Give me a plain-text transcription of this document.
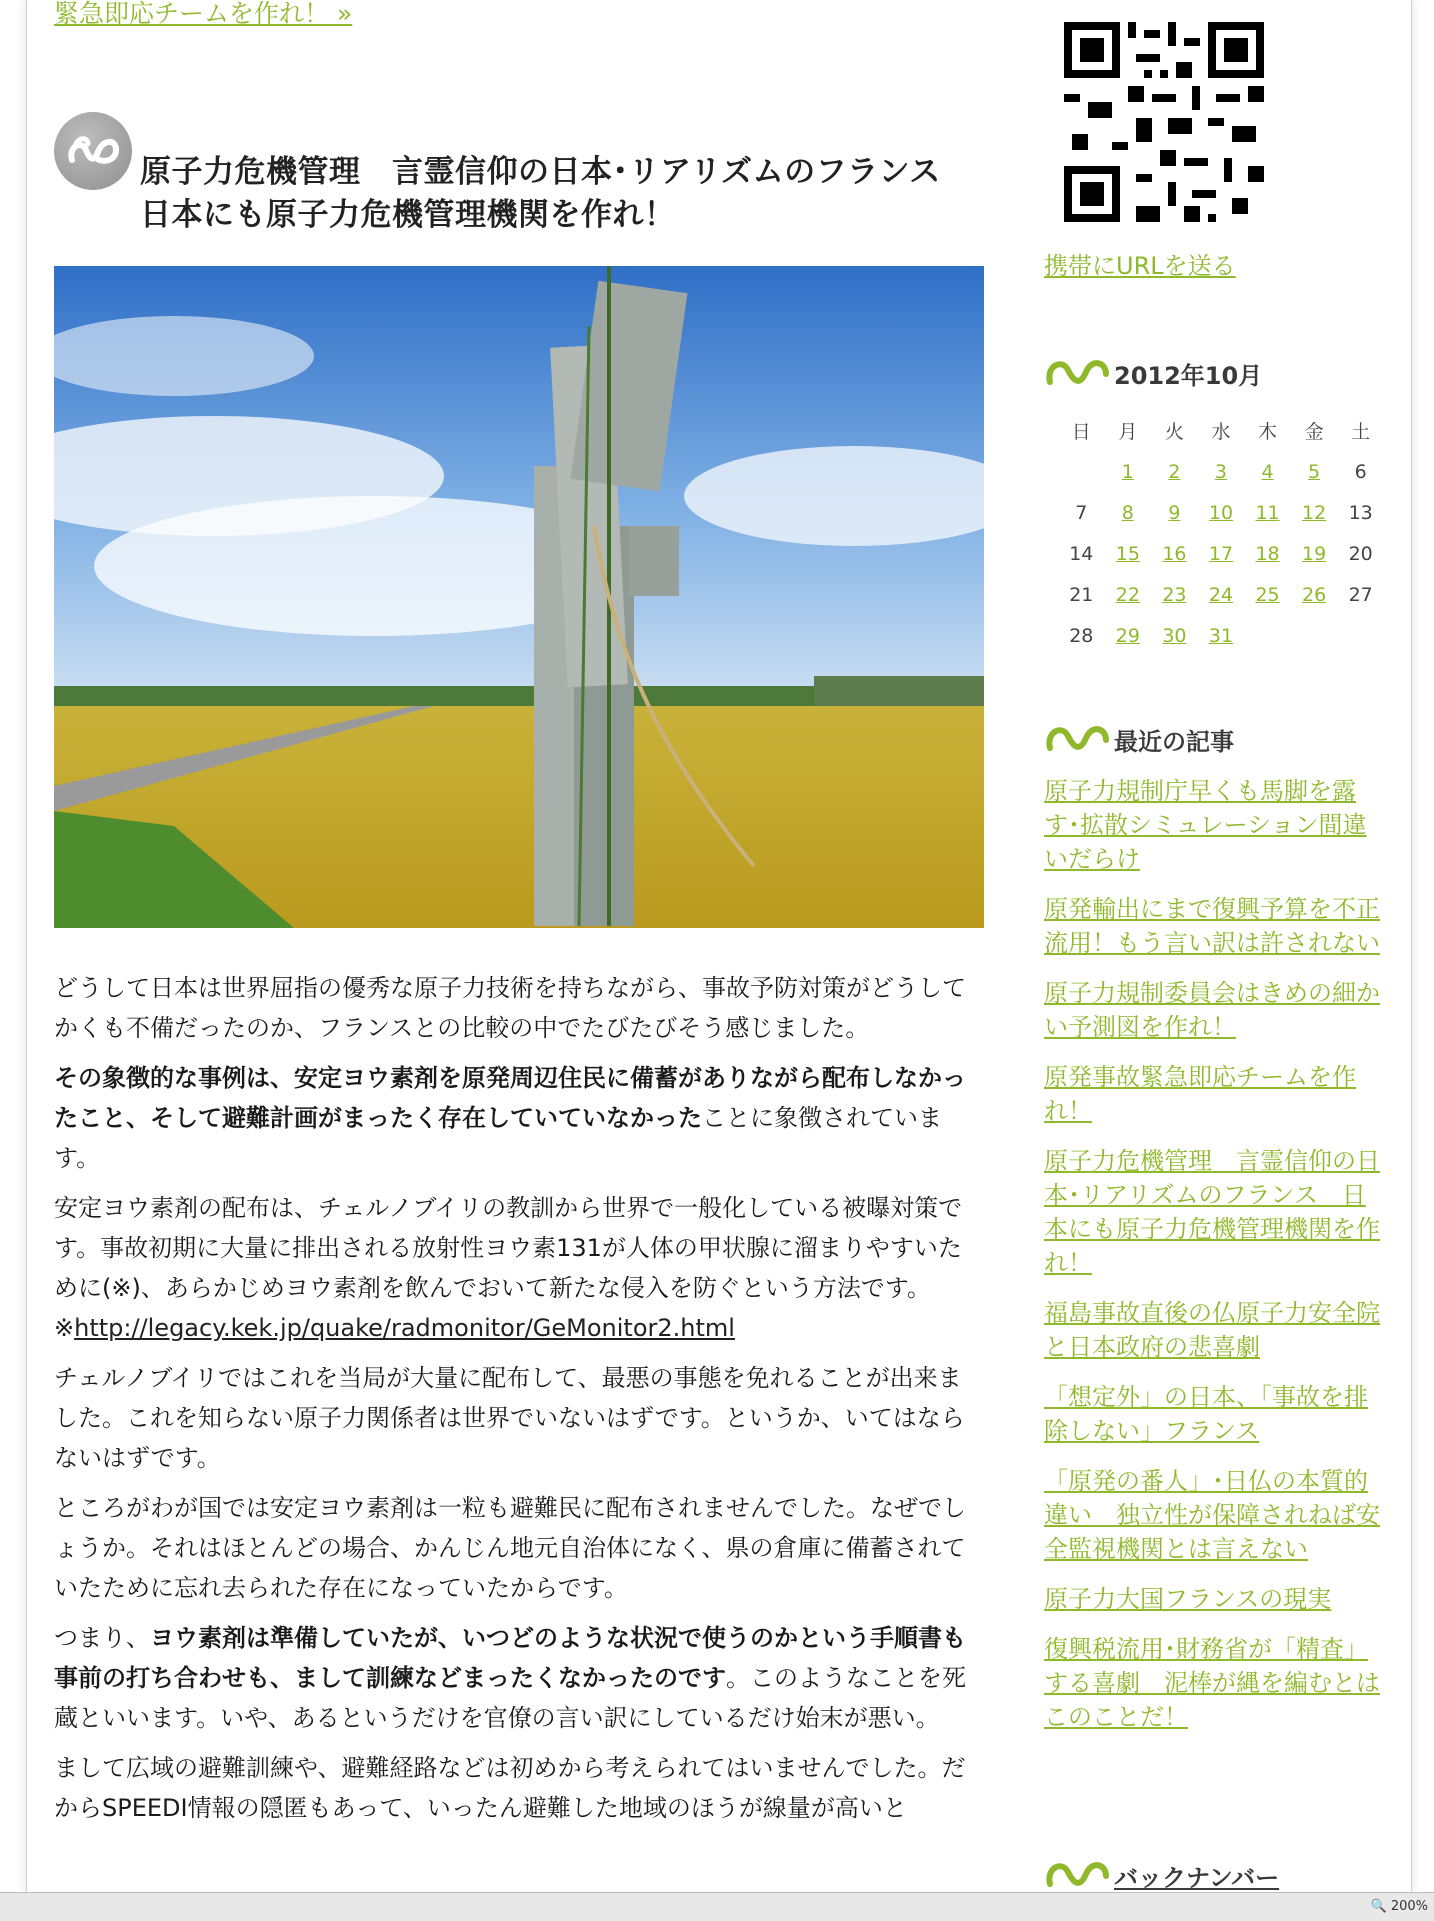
緊急即応チームを作れ！ »
原子力危機管理　言霊信仰の日本･リアリズムのフランス　日本にも原子力危機管理機関を作れ！

どうして日本は世界屈指の優秀な原子力技術を持ちながら、事故予防対策がどうしてかくも不備だったのか、フランスとの比較の中でたびたびそう感じました。

その象徴的な事例は、安定ヨウ素剤を原発周辺住民に備蓄がありながら配布しなかったこと、そして避難計画がまったく存在していていなかったことに象徴されています。

安定ヨウ素剤の配布は、チェルノブイリの教訓から世界で一般化している被曝対策です。事故初期に大量に排出される放射性ヨウ素131が人体の甲状腺に溜まりやすいために(※)、あらかじめヨウ素剤を飲んでおいて新たな侵入を防ぐという方法です。※http://legacy.kek.jp/quake/radmonitor/GeMonitor2.html

チェルノブイリではこれを当局が大量に配布して、最悪の事態を免れることが出来ました。これを知らない原子力関係者は世界でいないはずです。というか、いてはならないはずです。

ところがわが国では安定ヨウ素剤は一粒も避難民に配布されませんでした。なぜでしょうか。それはほとんどの場合、かんじん地元自治体になく、県の倉庫に備蓄されていたために忘れ去られた存在になっていたからです。

つまり、ヨウ素剤は準備していたが、いつどのような状況で使うのかという手順書も事前の打ち合わせも、まして訓練などまったくなかったのです。このようなことを死蔵といいます。いや、あるというだけを官僚の言い訳にしているだけ始末が悪い。

まして広域の避難訓練や、避難経路などは初めから考えられてはいませんでした。だからSPEEDI情報の隠匿もあって、いったん避難した地域のほうが線量が高いと

携帯にURLを送る
2012年10月
日	月	火	水	木	金	土
	1	2	3	4	5	6
7	8	9	10	11	12	13
14	15	16	17	18	19	20
21	22	23	24	25	26	27
28	29	30	31			
最近の記事
原子力規制庁早くも馬脚を露す･拡散シミュレーション間違いだらけ
原発輸出にまで復興予算を不正流用！もう言い訳は許されない
原子力規制委員会はきめの細かい予測図を作れ！
原発事故緊急即応チームを作れ！
原子力危機管理　言霊信仰の日本･リアリズムのフランス　日本にも原子力危機管理機関を作れ！
福島事故直後の仏原子力安全院と日本政府の悲喜劇
「想定外」の日本、「事故を排除しない」フランス
「原発の番人」･日仏の本質的違い　独立性が保障されねば安全監視機関とは言えない
原子力大国フランスの現実
復興税流用･財務省が「精査」する喜劇　泥棒が縄を編むとはこのことだ！
バックナンバー
🔍 200%
